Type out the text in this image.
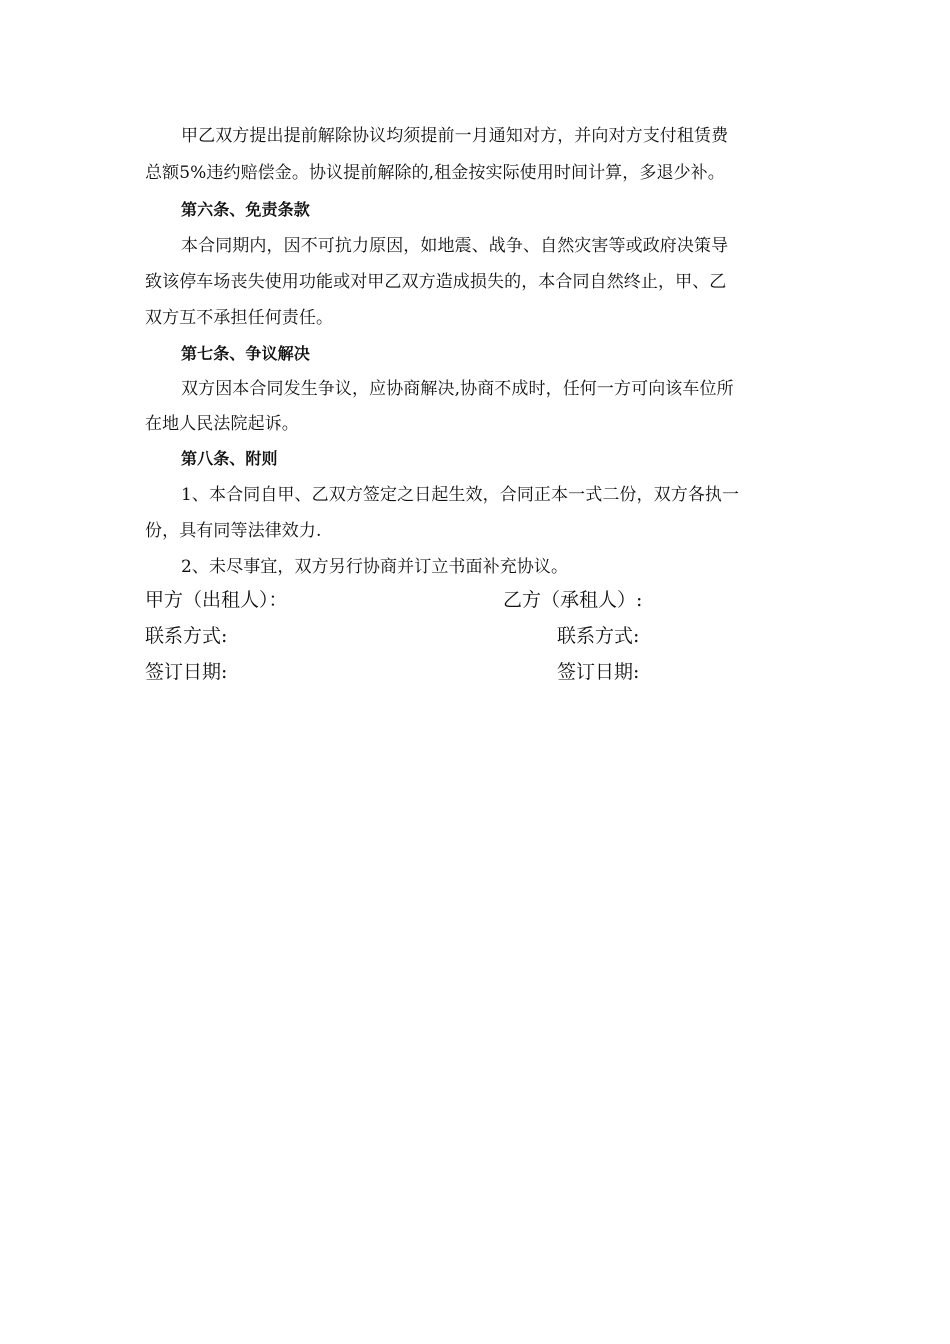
甲乙双方提出提前解除协议均须提前一月通知对方，并向对方支付租赁费
总额5%违约赔偿金。协议提前解除的,租金按实际使用时间计算，多退少补。
第六条、免责条款
本合同期内，因不可抗力原因，如地震、战争、自然灾害等或政府决策导
致该停车场丧失使用功能或对甲乙双方造成损失的，本合同自然终止，甲、乙
双方互不承担任何责任。
第七条、争议解决
双方因本合同发生争议，应协商解决,协商不成时，任何一方可向该车位所
在地人民法院起诉。
第八条、附则
1、本合同自甲、乙双方签定之日起生效，合同正本一式二份，双方各执一
份，具有同等法律效力.
2、未尽事宜，双方另行协商并订立书面补充协议。
甲方（出租人）：	乙方（承租人）:
联系方式:	联系方式:
签订日期:	签订日期:
